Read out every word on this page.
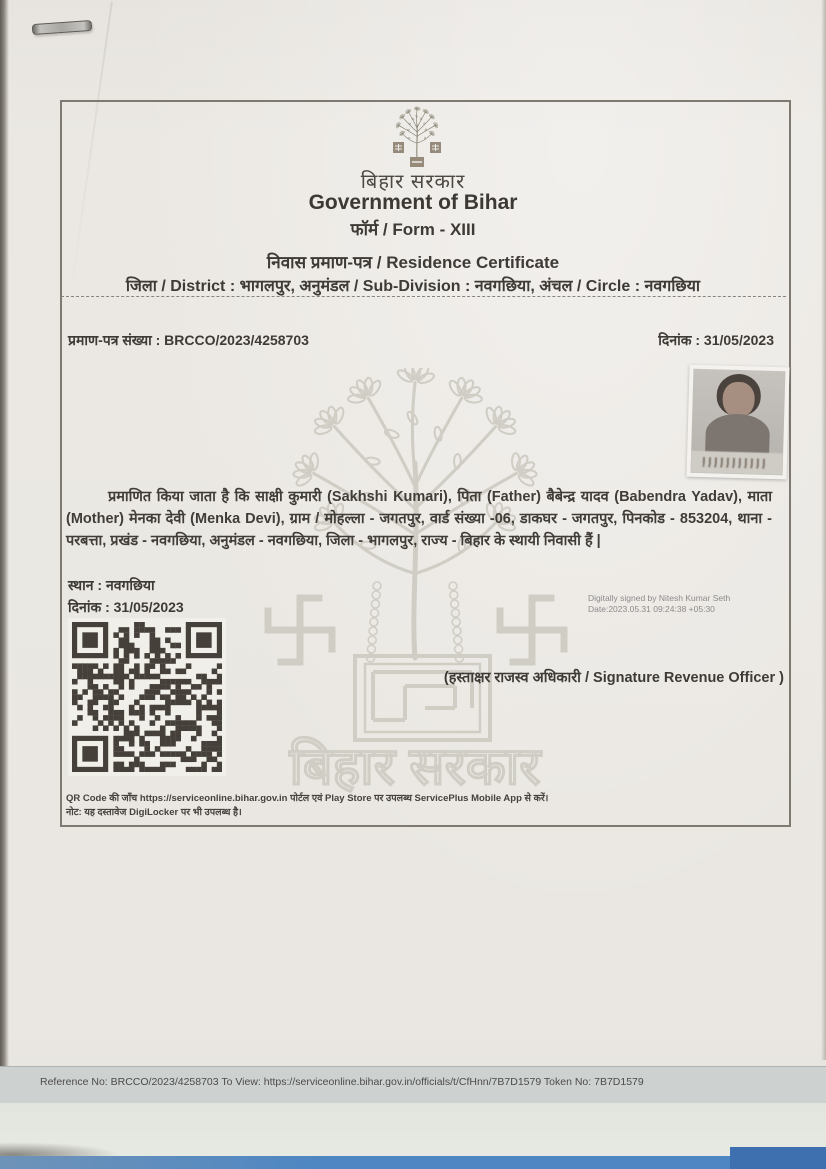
बिहार सरकार
बिहार सरकार
Government of Bihar
फॉर्म / Form - XIII
निवास प्रमाण-पत्र / Residence Certificate
जिला / District : भागलपुर, अनुमंडल / Sub-Division : नवगछिया, अंचल / Circle : नवगछिया
प्रमाण-पत्र संख्या : BRCCO/2023/4258703	दिनांक : 31/05/2023
प्रमाणित किया जाता है कि साक्षी कुमारी (Sakhshi Kumari), पिता (Father) बैबेन्द्र यादव (Babendra Yadav), माता (Mother) मेनका देवी (Menka Devi), ग्राम / मोहल्ला - जगतपुर, वार्ड संख्या -06, डाकघर - जगतपुर, पिनकोड - 853204, थाना - परबत्ता, प्रखंड - नवगछिया, अनुमंडल - नवगछिया, जिला - भागलपुर, राज्य - बिहार के स्थायी निवासी हैं |
स्थान : नवगछिया
दिनांक : 31/05/2023
Digitally signed by Nitesh Kumar Seth
Date:2023.05.31 09:24:38 +05:30
(हस्ताक्षर राजस्व अधिकारी / Signature Revenue Officer )
QR Code की जाँच https://serviceonline.bihar.gov.in पोर्टल एवं Play Store पर उपलब्ध ServicePlus Mobile App से करें।
नोट: यह दस्तावेज DigiLocker पर भी उपलब्ध है।
Reference No: BRCCO/2023/4258703 To View: https://serviceonline.bihar.gov.in/officials/t/CfHnn/7B7D1579 Token No: 7B7D1579
